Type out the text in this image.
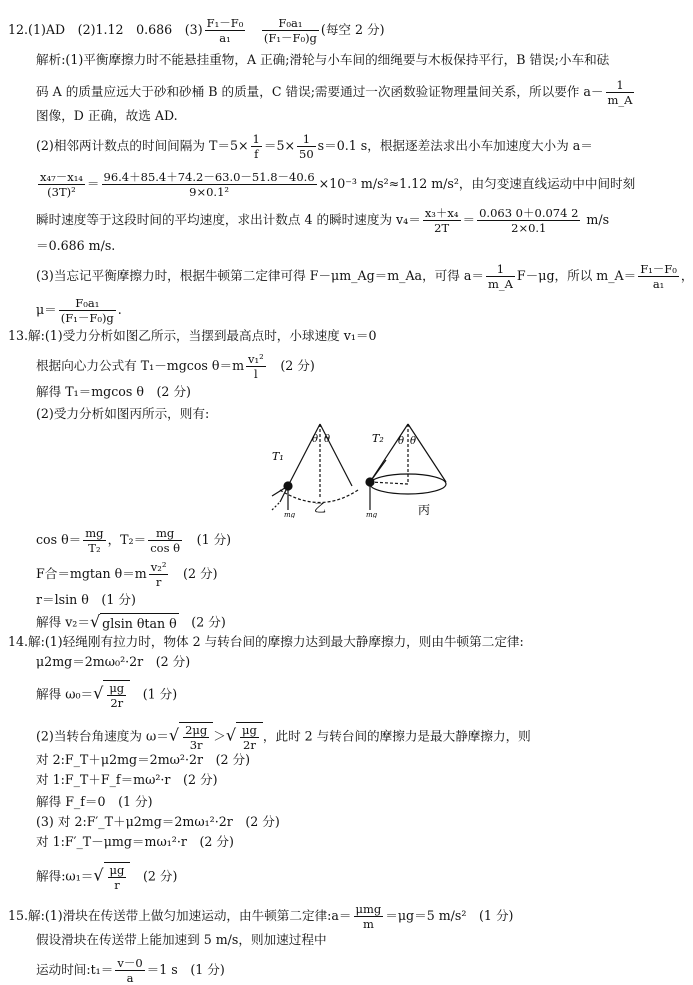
12.(1)AD　(2)1.12　0.686　$(3) \frac{\text{F₁－F₀}}{\text{a₁}}$
　 $\frac{\text{F₀a₁}}{\text{(F₁－F₀)g}}$ (每空 2 分)
解析:(1)平衡摩擦力时不能悬挂重物，A 正确;滑轮与小车间的细绳要与木板保持平行，B 错误;小车和砝
码 A 的质量应远大于砂和砂桶 B 的质量，C 错误;需要通过一次函数验证物理量间关系，所以要作 $a- \frac{1}{m\_A}$
图像，D 正确，故选 AD.
(2)相邻两计数点的时间间隔为 $T=5\times \frac{1}{f} =5\times \frac{1}{50} s=0.1$ s，根据逐差法求出小车加速度大小为 a＝
$\frac{\text{x₄₇－x₁₄}}{\text{(3T)²}} = \frac{96.4+85.4+74.2-63.0-51.8-40.6}{\text{9×0.1²}} \times 10^{-3}$ m/s²≈1.12 m/s²，由匀变速直线运动中中间时刻
瞬时速度等于这段时间的平均速度，求出计数点 4 的瞬时速度为 $v_4= \frac{\text{x₃＋x₄}}{2T} = \frac{0.063 0+0.074 2}{2\times 0.1} m/s$
＝0.686 m/s.
(3)当忘记平衡摩擦力时，根据牛顿第二定律可得 F－μm_Ag＝m_Aa，可得 $a= \frac{1}{m\_A} F-\mu g$，所以 m_A＝ $\frac{\text{F₁－F₀}}{\text{a₁}}$ ，
$\mu= \frac{\text{F₀a₁}}{\text{(F₁－F₀)g}}$ .
13.解:(1)受力分析如图乙所示，当摆到最高点时，小球速度 v₁＝0
根据向心力公式有 T₁－mgcos $\theta=m \frac{\text{v₁²}}{l}$
　 (2 分)
解得 T₁＝mgcos θ　(2 分)
(2)受力分析如图丙所示，则有:
T₁
θ θ
mg 乙
T₂ θ θ
mg	丙
$\cos \theta= \frac{mg}{\text{T₂}}$ ，$T_2= \frac{mg}{\text{cos θ}}$
　 (1 分)
F合＝mgtan $\theta=m \frac{\text{v₂²}}{r}$
　 (2 分)
r＝lsin θ　(1 分)
解得 v₂＝√ glsin θtan θ　 (2 分)
14.解:(1)轻绳刚有拉力时，物体 2 与转台间的摩擦力达到最大静摩擦力，则由牛顿第二定律:
μ2mg＝2mω₀²·2r　(2 分)
解得 $\omega_0=√ \frac{\mu g}{2r}$
　 (1 分)
(2)当转台角速度为 $\omega=√ \frac{2\mu g}{3r}$ ＞√ $\frac{\mu g}{2r}$ ，此时 2 与转台间的摩擦力是最大静摩擦力，则
对 2:F_T＋μ2mg＝2mω²·2r　(2 分)
对 1:F_T＋F_f＝mω²·r　(2 分)
解得 F_f＝0　(1 分)
(3) 对 2:F′_T＋μ2mg＝2mω₁²·2r　(2 分)
对 1:F′_T－μmg＝mω₁²·r　(2 分)
解得:ω₁＝√ $\frac{\mu g}{r}$
　 (2 分)
15.解:(1)滑块在传送带上做匀加速运动，由牛顿第二定律:a＝ $\frac{\text{μmg}}{m} =\mu g=5$ m/s²　(1 分)
假设滑块在传送带上能加速到 5 m/s，则加速过程中
运动时间:t₁＝ $\frac{v-0}{a} =1$ s　(1 分)
